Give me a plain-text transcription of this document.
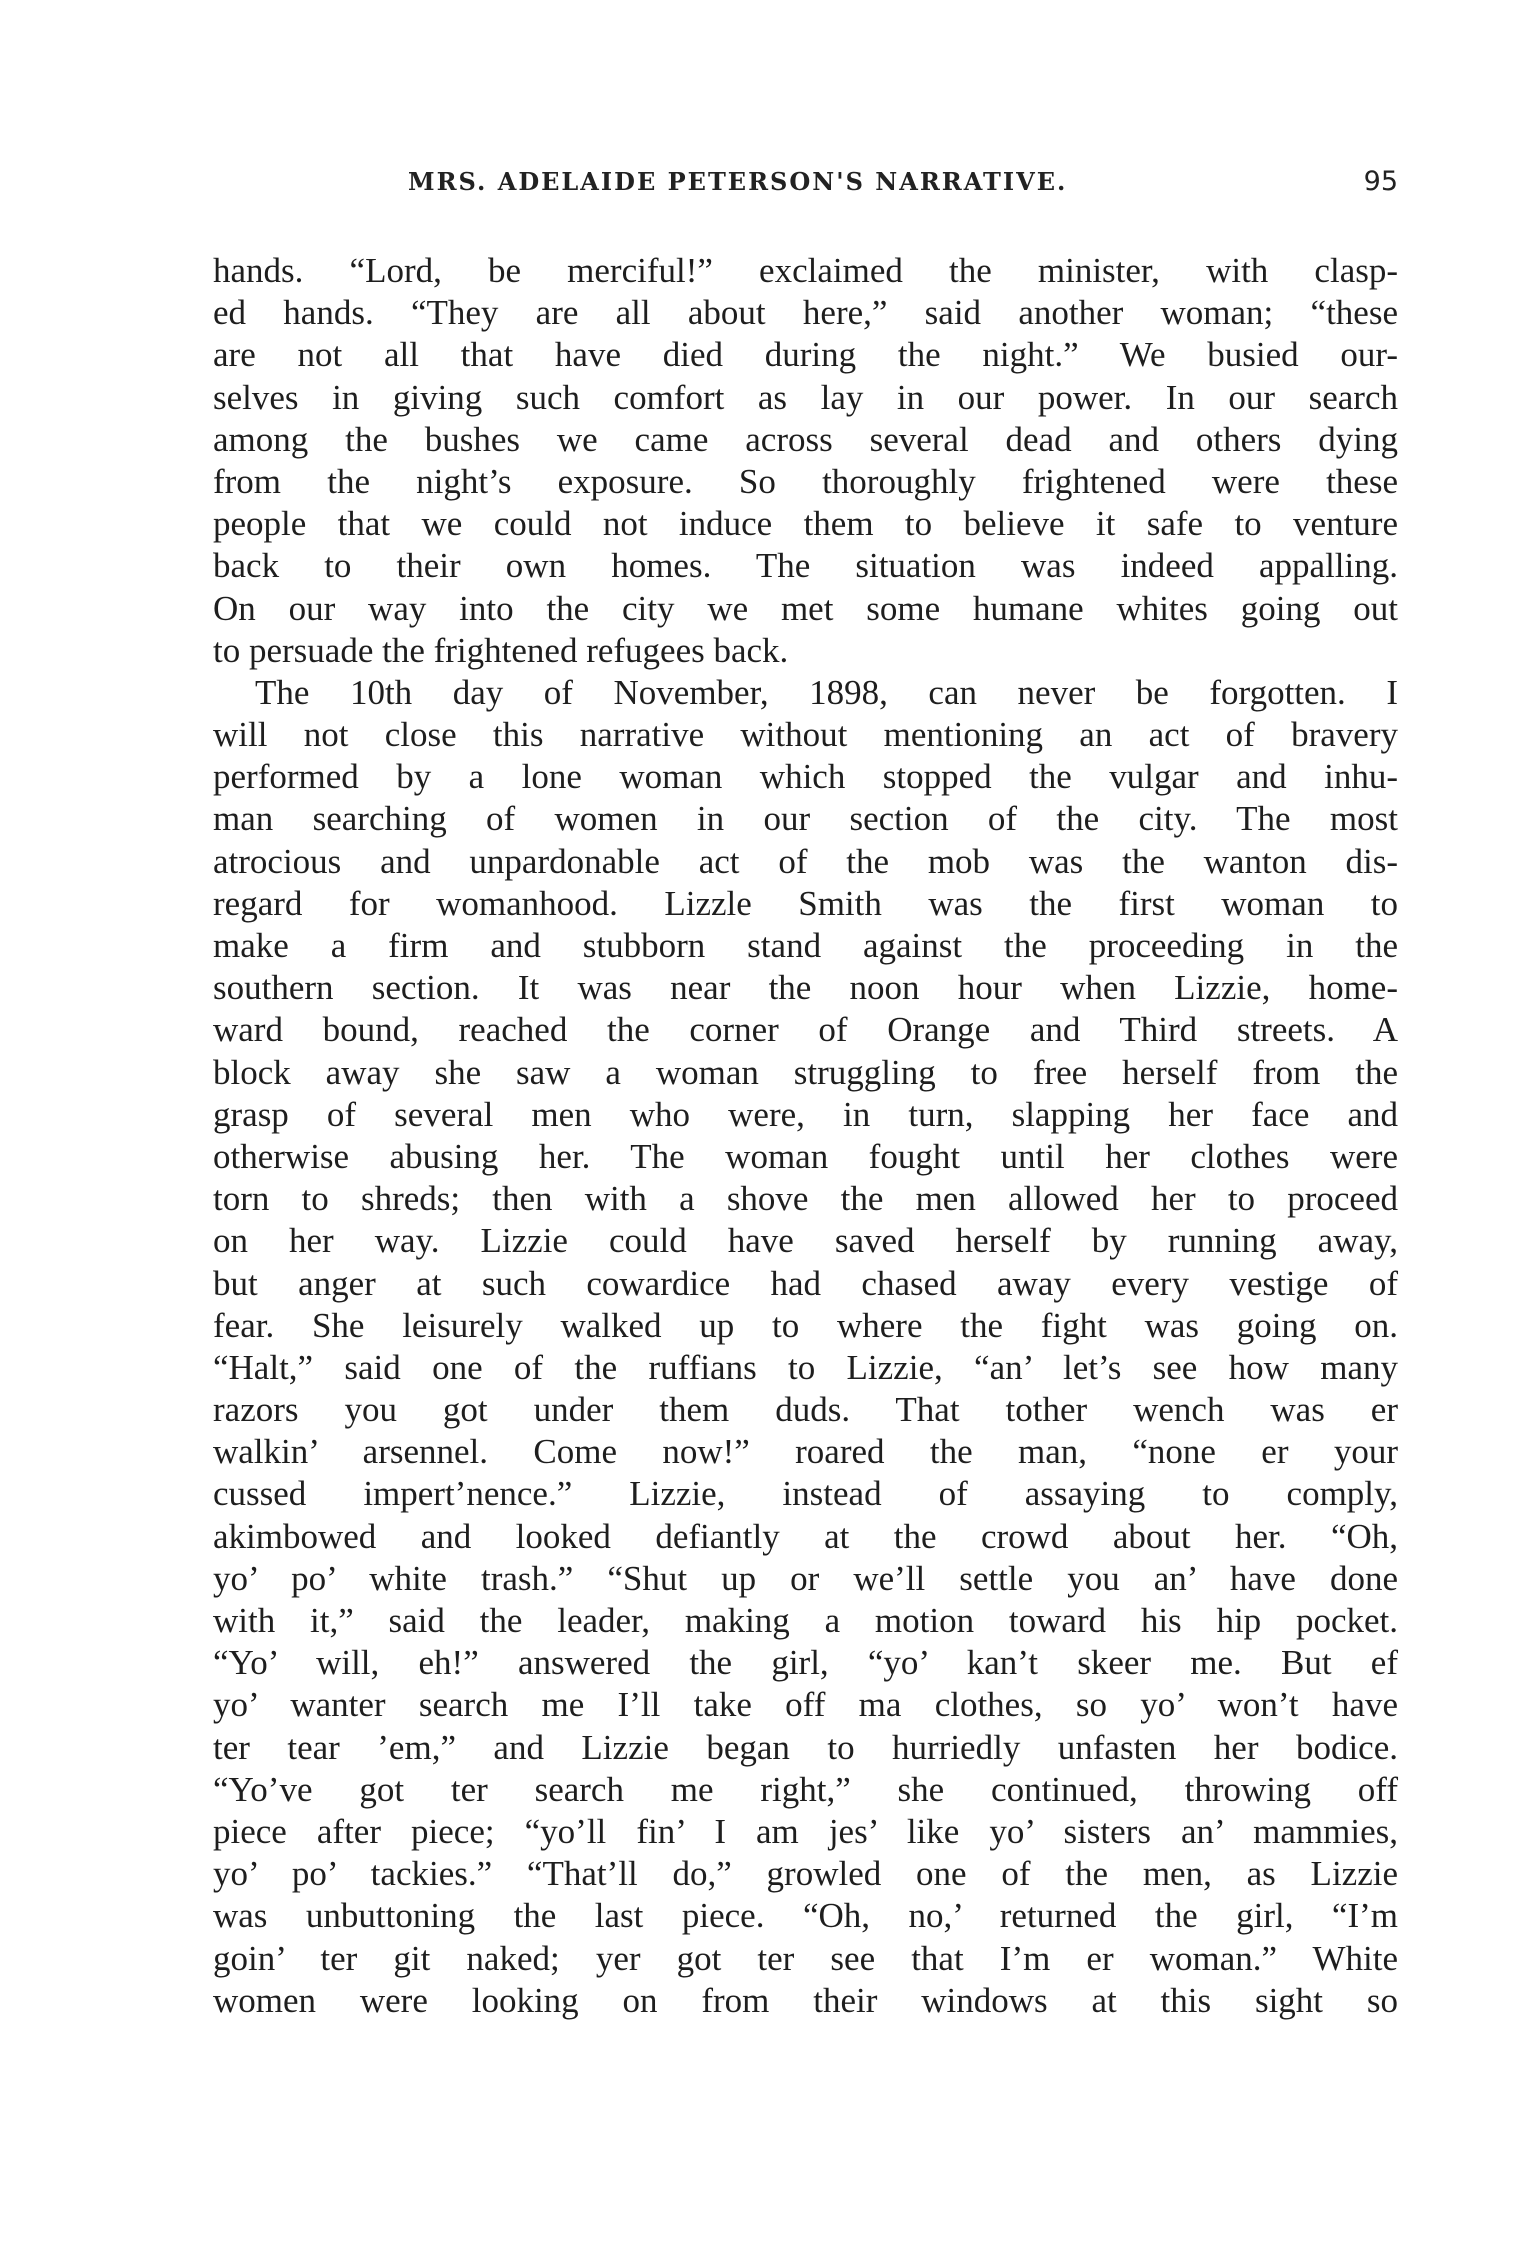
MRS. ADELAIDE PETERSON'S NARRATIVE.	95
hands. “Lord, be merciful!” exclaimed the minister, with clasp-
ed hands. “They are all about here,” said another woman; “these
are not all that have died during the night.” We busied our-
selves in giving such comfort as lay in our power. In our search
among the bushes we came across several dead and others dying
from the night’s exposure. So thoroughly frightened were these
people that we could not induce them to believe it safe to venture
back to their own homes. The situation was indeed appalling.
On our way into the city we met some humane whites going out
to persuade the frightened refugees back.
The 10th day of November, 1898, can never be forgotten. I
will not close this narrative without mentioning an act of bravery
performed by a lone woman which stopped the vulgar and inhu-
man searching of women in our section of the city. The most
atrocious and unpardonable act of the mob was the wanton dis-
regard for womanhood. Lizzle Smith was the first woman to
make a firm and stubborn stand against the proceeding in the
southern section. It was near the noon hour when Lizzie, home-
ward bound, reached the corner of Orange and Third streets. A
block away she saw a woman struggling to free herself from the
grasp of several men who were, in turn, slapping her face and
otherwise abusing her. The woman fought until her clothes were
torn to shreds; then with a shove the men allowed her to proceed
on her way. Lizzie could have saved herself by running away,
but anger at such cowardice had chased away every vestige of
fear. She leisurely walked up to where the fight was going on.
“Halt,” said one of the ruffians to Lizzie, “an’ let’s see how many
razors you got under them duds. That tother wench was er
walkin’ arsennel. Come now!” roared the man, “none er your
cussed impert’nence.” Lizzie, instead of assaying to comply,
akimbowed and looked defiantly at the crowd about her. “Oh,
yo’ po’ white trash.” “Shut up or we’ll settle you an’ have done
with it,” said the leader, making a motion toward his hip pocket.
“Yo’ will, eh!” answered the girl, “yo’ kan’t skeer me. But ef
yo’ wanter search me I’ll take off ma clothes, so yo’ won’t have
ter tear ’em,” and Lizzie began to hurriedly unfasten her bodice.
“Yo’ve got ter search me right,” she continued, throwing off
piece after piece; “yo’ll fin’ I am jes’ like yo’ sisters an’ mammies,
yo’ po’ tackies.” “That’ll do,” growled one of the men, as Lizzie
was unbuttoning the last piece. “Oh, no,’ returned the girl, “I’m
goin’ ter git naked; yer got ter see that I’m er woman.” White
women were looking on from their windows at this sight so
